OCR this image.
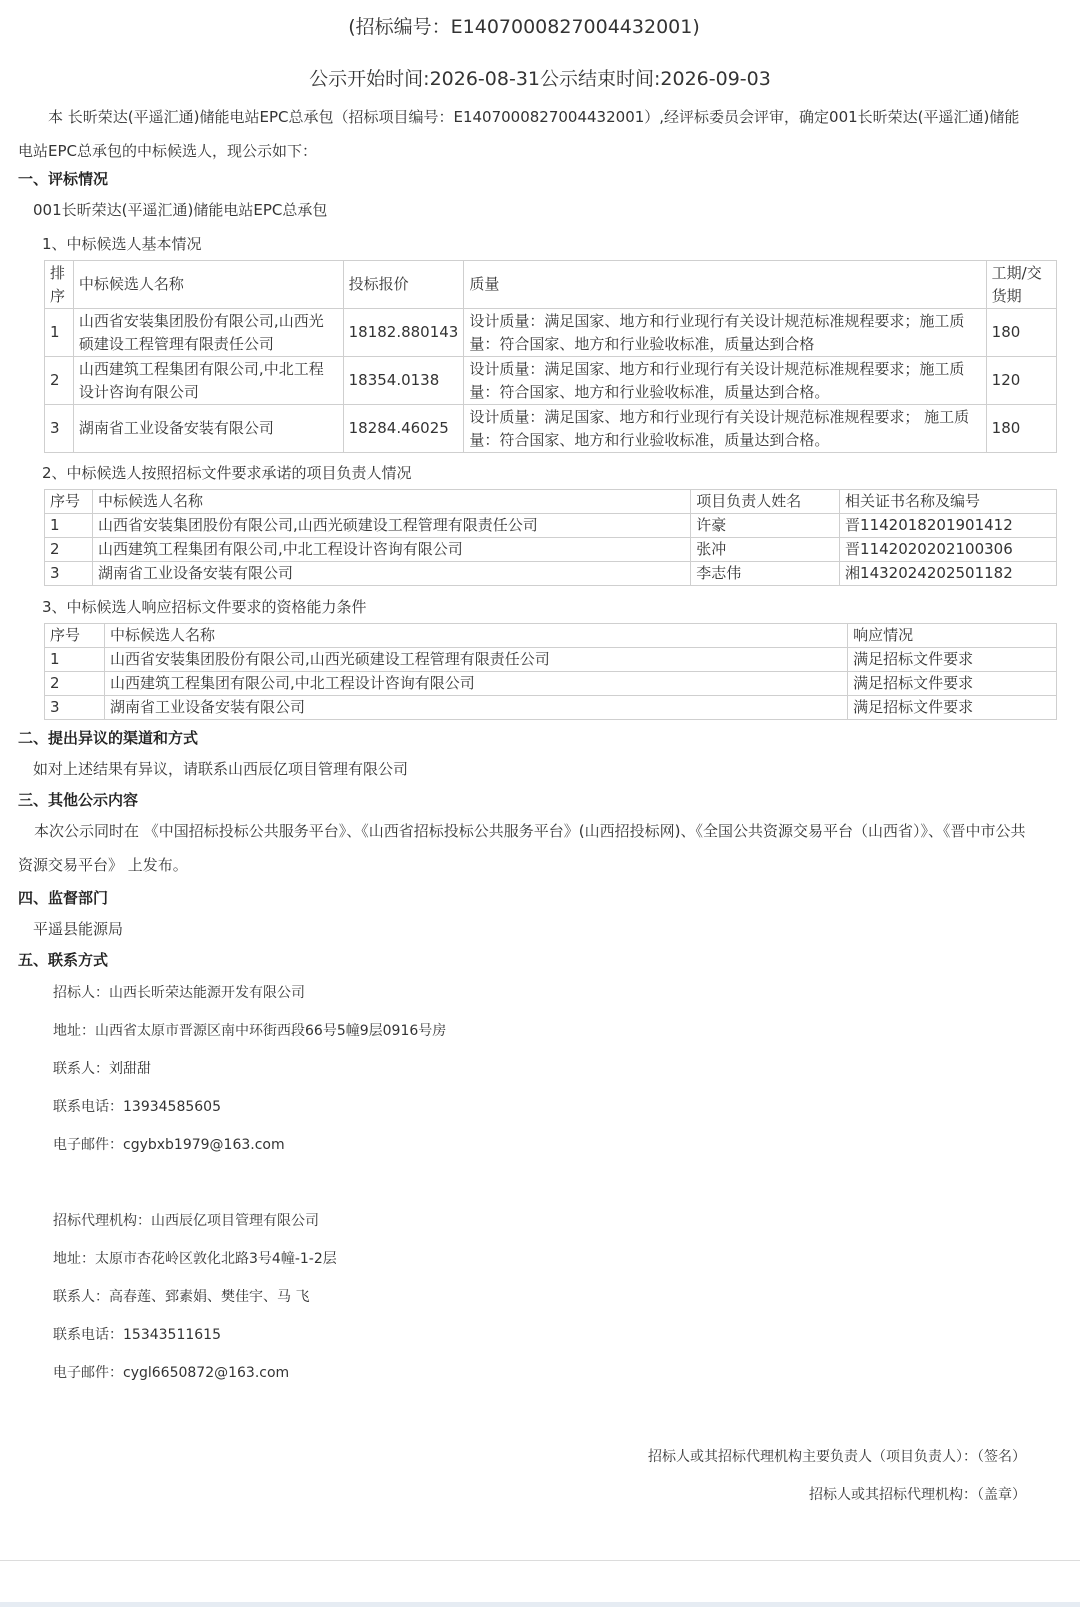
(招标编号：E1407000827004432001)
公示开始时间:2026-08-31公示结束时间:2026-09-03
本 长昕荣达(平遥汇通)储能电站EPC总承包（招标项目编号：E1407000827004432001）,经评标委员会评审，确定001长昕荣达(平遥汇通)储能电站EPC总承包的中标候选人，现公示如下：
一、评标情况
001长昕荣达(平遥汇通)储能电站EPC总承包
1、中标候选人基本情况
排序	中标候选人名称	投标报价	质量	工期/交货期
1	山西省安装集团股份有限公司,山西光硕建设工程管理有限责任公司	18182.880143	设计质量：满足国家、地方和行业现行有关设计规范标准规程要求；施工质量：符合国家、地方和行业验收标准，质量达到合格	180
2	山西建筑工程集团有限公司,中北工程设计咨询有限公司	18354.0138	设计质量：满足国家、地方和行业现行有关设计规范标准规程要求；施工质量：符合国家、地方和行业验收标准，质量达到合格。	120
3	湖南省工业设备安装有限公司	18284.46025	设计质量：满足国家、地方和行业现行有关设计规范标准规程要求； 施工质量：符合国家、地方和行业验收标准，质量达到合格。	180
2、中标候选人按照招标文件要求承诺的项目负责人情况
序号	中标候选人名称	项目负责人姓名	相关证书名称及编号
1	山西省安装集团股份有限公司,山西光硕建设工程管理有限责任公司	许豪	晋1142018201901412
2	山西建筑工程集团有限公司,中北工程设计咨询有限公司	张冲	晋1142020202100306
3	湖南省工业设备安装有限公司	李志伟	湘1432024202501182
3、中标候选人响应招标文件要求的资格能力条件
序号	中标候选人名称	响应情况
1	山西省安装集团股份有限公司,山西光硕建设工程管理有限责任公司	满足招标文件要求
2	山西建筑工程集团有限公司,中北工程设计咨询有限公司	满足招标文件要求
3	湖南省工业设备安装有限公司	满足招标文件要求
二、提出异议的渠道和方式
如对上述结果有异议，请联系山西辰亿项目管理有限公司
三、其他公示内容
本次公示同时在 《中国招标投标公共服务平台》、《山西省招标投标公共服务平台》(山西招投标网)、《全国公共资源交易平台（山西省）》、《晋中市公共资源交易平台》 上发布。
四、监督部门
平遥县能源局
五、联系方式
招标人：山西长昕荣达能源开发有限公司
地址：山西省太原市晋源区南中环街西段66号5幢9层0916号房
联系人：刘甜甜
联系电话：13934585605
电子邮件：cgybxb1979@163.com
招标代理机构：山西辰亿项目管理有限公司
地址：太原市杏花岭区敦化北路3号4幢-1-2层
联系人：高春莲、郅素娟、樊佳宇、马 飞
联系电话：15343511615
电子邮件：cygl6650872@163.com
招标人或其招标代理机构主要负责人（项目负责人）：（签名）
招标人或其招标代理机构：（盖章）
